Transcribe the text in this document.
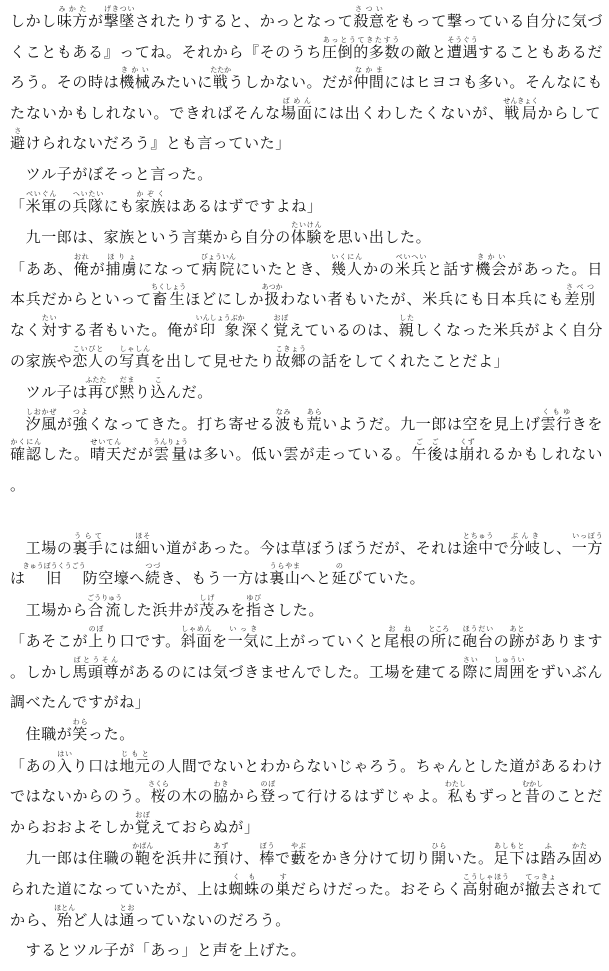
しかし味方みかたが撃墜げきついされたりすると、かっとなって殺意さついをもって撃っている自分に気づくこともある』ってね。それから『そのうち圧倒的多数あっとうてきたすうの敵と遭遇そうぐうすることもあるだろう。その時は機械きかいみたいに戦たたかうしかない。だが仲間なかまにはヒヨコも多い。そんなにもたないかもしれない。できればそんな場面ばめんには出くわしたくないが、戦局せんきょくからして避さけられないだろう』とも言っていた」

　ツル子がぼそっと言った。

「米軍べいぐんの兵隊へいたいにも家族かぞくはあるはずですよね」

　九一郎は、家族という言葉から自分の体験たいけんを思い出した。

「ああ、俺おれが捕虜ほりょになって病院びょういんにいたとき、幾人いくにんかの米兵べいへいと話す機会きかいがあった。日本兵だからといって畜生ちくしょうほどにしか扱あつかわない者もいたが、米兵にも日本兵にも差別さべつなく対たいする者もいた。俺が印象いんしょうぶか深く覚おぼえているのは、親したしくなった米兵がよく自分の家族や恋人こいびとの写真しゃしんを出して見せたり故郷こきょうの話をしてくれたことだよ」

　ツル子は再ふたたび黙だまり込こんだ。

　汐風しおかぜが強つよくなってきた。打ち寄せる波なみも荒あらいようだ。九一郎は空を見上げ雲行くもゆきを確認かくにんした。晴天せいてんだが雲量うんりょうは多い。低い雲が走っている。午後ごごは崩くずれるかもしれない。

　工場の裏手うらてには細ほそい道があった。今は草ぼうぼうだが、それは途中とちゅうで分岐ぶんきし、一方いっぽうは旧きゅうぼうくうごう防空壕へ続つづき、もう一方は裏山うらやまへと延のびていた。

　工場から合流ごうりゅうした浜井が茂しげみを指ゆびさした。

「あそこが上のぼり口です。斜面しゃめんを一気いっきに上がっていくと尾根おねの所ところに砲台ほうだいの跡あとがあります。しかし馬頭尊ばとうそんがあるのには気づきませんでした。工場を建てる際さいに周囲しゅういをずいぶん調べたんですがね」

　住職が笑わらった。

「あの入はいり口は地元じもとの人間でないとわからないじゃろう。ちゃんとした道があるわけではないからのう。桜さくらの木の脇わきから登のぼって行けるはずじゃよ。私わたしもずっと昔むかしのことだからおおよそしか覚おぼえておらぬが」

　九一郎は住職の鞄かばんを浜井に預あずけ、棒ぼうで藪やぶをかき分けて切り開ひらいた。足下あしもとは踏ふみ固かためられた道になっていたが、上は蜘蛛くもの巣すだらけだった。おそらく高射砲こうしゃほうが撤去てっきょされてから、殆ほとんど人は通とおっていないのだろう。

　するとツル子が「あっ」と声を上げた。
